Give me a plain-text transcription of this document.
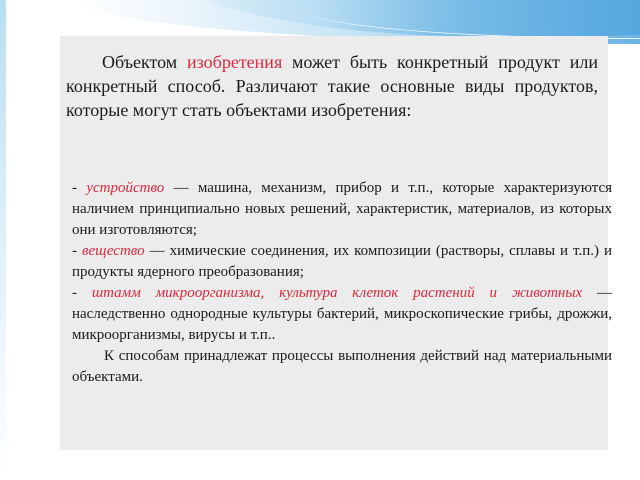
Объектом изобретения может быть конкретный продукт или конкретный способ. Различают такие основные виды продуктов, которые могут стать объектами изобретения:

- устройство — машина, механизм, прибор и т.п., которые характеризуются наличием принципиально новых решений, характеристик, материалов, из которых они изготовляются;

- вещество — химические соединения, их композиции (растворы, сплавы и т.п.) и продукты ядерного преобразования;

- штамм микроорганизма, культура клеток растений и животных — наследственно однородные культуры бактерий, микроскопические грибы, дрожжи, микроорганизмы, вирусы и т.п..

К способам принадлежат процессы выполнения действий над материальными объектами.
